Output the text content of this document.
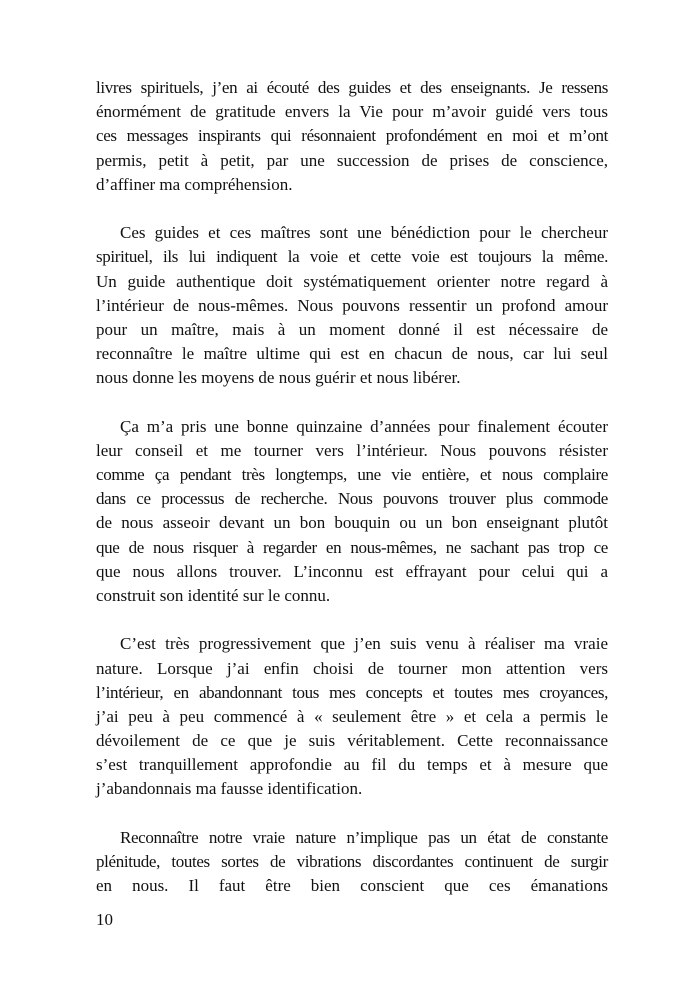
livres spirituels, j’en ai écouté des guides et des enseignants. Je ressens
énormément de gratitude envers la Vie pour m’avoir guidé vers tous
ces messages inspirants qui résonnaient profondément en moi et m’ont
permis, petit à petit, par une succession de prises de conscience,
d’affiner ma compréhension.
Ces guides et ces maîtres sont une bénédiction pour le chercheur
spirituel, ils lui indiquent la voie et cette voie est toujours la même.
Un guide authentique doit systématiquement orienter notre regard à
l’intérieur de nous-mêmes. Nous pouvons ressentir un profond amour
pour un maître, mais à un moment donné il est nécessaire de
reconnaître le maître ultime qui est en chacun de nous, car lui seul
nous donne les moyens de nous guérir et nous libérer.
Ça m’a pris une bonne quinzaine d’années pour finalement écouter
leur conseil et me tourner vers l’intérieur. Nous pouvons résister
comme ça pendant très longtemps, une vie entière, et nous complaire
dans ce processus de recherche. Nous pouvons trouver plus commode
de nous asseoir devant un bon bouquin ou un bon enseignant plutôt
que de nous risquer à regarder en nous-mêmes, ne sachant pas trop ce
que nous allons trouver. L’inconnu est effrayant pour celui qui a
construit son identité sur le connu.
C’est très progressivement que j’en suis venu à réaliser ma vraie
nature. Lorsque j’ai enfin choisi de tourner mon attention vers
l’intérieur, en abandonnant tous mes concepts et toutes mes croyances,
j’ai peu à peu commencé à « seulement être » et cela a permis le
dévoilement de ce que je suis véritablement. Cette reconnaissance
s’est tranquillement approfondie au fil du temps et à mesure que
j’abandonnais ma fausse identification.
Reconnaître notre vraie nature n’implique pas un état de constante
plénitude, toutes sortes de vibrations discordantes continuent de surgir
en nous. Il faut être bien conscient que ces émanations
10
